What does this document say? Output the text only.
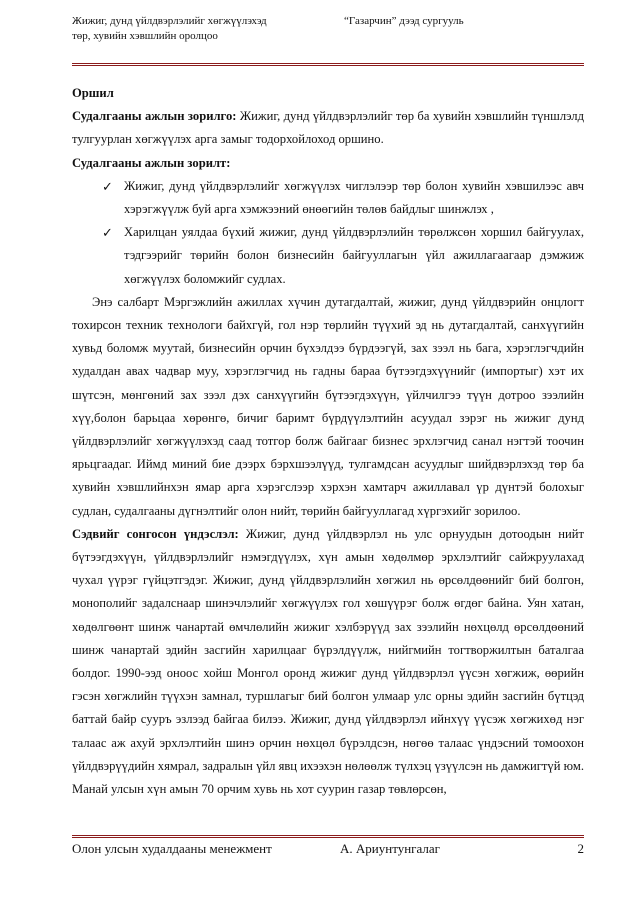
Жижиг, дунд үйлдвэрлэлийг хөгжүүлэхэд
төр, хувийн хэвшлийн оролцоо
“Газарчин” дээд сургууль

Оршил

Судалгааны ажлын зорилго: Жижиг, дунд үйлдвэрлэлийг төр ба хувийн хэвшлийн түншлэлд тулгуурлан хөгжүүлэх арга замыг тодорхойлоход оршино.

Судалгааны ажлын зорилт:

✓ Жижиг, дунд үйлдвэрлэлийг хөгжүүлэх чиглэлээр төр болон хувийн хэвшилээс авч хэрэгжүүлж буй арга хэмжээний өнөөгийн төлөв байдлыг шинжлэх ,
✓ Харилцан уялдаа бүхий жижиг, дунд үйлдвэрлэлийн төрөлжсөн хоршил байгуулах, тэдгээрийг төрийн болон бизнесийн байгууллагын үйл ажиллагаагаар дэмжиж хөгжүүлэх боломжийг судлах.

Энэ салбарт Мэргэжлийн ажиллах хүчин дутагдалтай, жижиг, дунд үйлдвэрийн онцлогт тохирсон техник технологи байхгүй, гол нэр төрлийн түүхий эд нь дутагдалтай, санхүүгийн хувьд боломж муутай, бизнесийн орчин бүхэлдээ бүрдээгүй, зах зээл нь бага, хэрэглэгчдийн худалдан авах чадвар муу, хэрэглэгчид нь гадны бараа бүтээгдэхүүнийг (импортыг) хэт их шүтсэн, мөнгөний зах зээл дэх санхүүгийн бүтээгдэхүүн, үйлчилгээ түүн дотроо зээлийн хүү,болон барьцаа хөрөнгө, бичиг баримт бүрдүүлэлтийн асуудал зэрэг нь жижиг дунд үйлдвэрлэлийг хөгжүүлэхэд саад тотгор болж байгааг бизнес эрхлэгчид санал нэгтэй тоочин ярьцгаадаг. Иймд миний бие дээрх бэрхшээлүүд, тулгамдсан асуудлыг шийдвэрлэхэд төр ба хувийн хэвшлийнхэн ямар арга хэрэгслээр хэрхэн хамтарч ажиллавал үр дүнтэй болохыг судлан, судалгааны дүгнэлтийг олон нийт, төрийн байгууллагад хүргэхийг зорилоо.

Сэдвийг сонгосон үндэслэл: Жижиг, дунд үйлдвэрлэл нь улс орнуудын дотоодын нийт бүтээгдэхүүн, үйлдвэрлэлийг нэмэгдүүлэх, хүн амын хөдөлмөр эрхлэлтийг сайжруулахад чухал үүрэг гүйцэтгэдэг. Жижиг, дунд үйлдвэрлэлийн хөгжил нь өрсөлдөөнийг бий болгон, монополийг задалснаар шинэчлэлийг хөгжүүлэх гол хөшүүрэг болж өгдөг байна. Уян хатан, хөдөлгөөнт шинж чанартай өмчлөлийн жижиг хэлбэрүүд зах зээлийн нөхцөлд өрсөлдөөний шинж чанартай эдийн засгийн харилцааг бүрэлдүүлж, нийгмийн тогтворжилтын баталгаа болдог. 1990-ээд оноос хойш Монгол оронд жижиг дунд үйлдвэрлэл үүсэн хөгжиж, өөрийн гэсэн хөгжлийн түүхэн замнал, туршлагыг бий болгон улмаар улс орны эдийн засгийн бүтцэд баттай байр сууръ эзлээд байгаа билээ. Жижиг, дунд үйлдвэрлэл ийнхүү үүсэж хөгжихөд нэг талаас аж ахуй эрхлэлтийн шинэ орчин нөхцөл бүрэлдсэн, нөгөө талаас үндэсний томоохон үйлдвэрүүдийн хямрал, задралын үйл явц ихээхэн нөлөөлж түлхэц үзүүлсэн нь дамжигтүй юм. Манай улсын хүн амын 70 орчим хувь нь хот суурин газар төвлөрсөн,

Олон улсын худалдааны менежмент	А. Ариунтунгалаг	2
